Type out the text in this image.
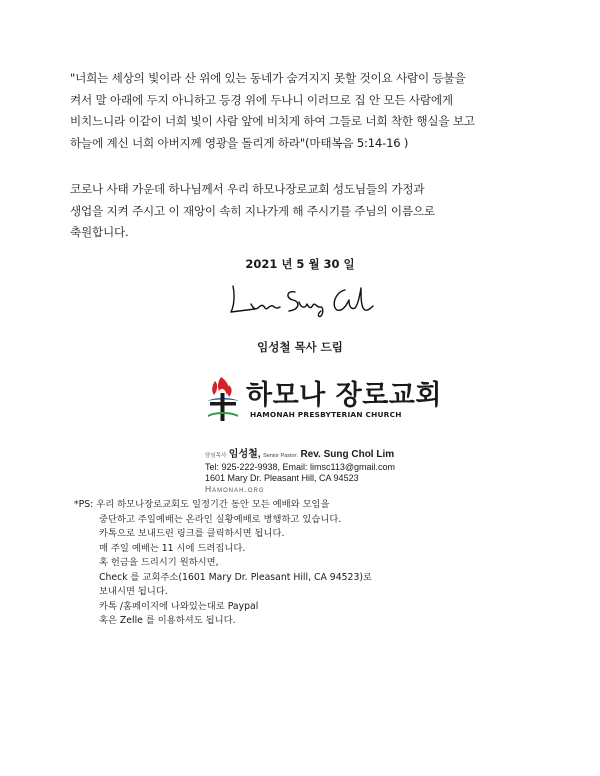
"너희는 세상의 빛이라 산 위에 있는 동네가 숨겨지지 못할 것이요 사람이 등불을
켜서 말 아래에 두지 아니하고 등경 위에 두나니 이러므로 집 안 모든 사람에게
비치느니라 이같이 너희 빛이 사람 앞에 비치게 하여 그들로 너희 착한 행실을 보고
하늘에 계신 너희 아버지께 영광을 돌리게 하라"(마태복음 5:14-16 )
코로나 사태 가운데 하나님께서 우리 하모나장로교회 성도님들의 가정과
생업을 지켜 주시고 이 재앙이 속히 지나가게 해 주시기를 주님의 이름으로
축원합니다.
2021 년 5 월 30 일
임성철 목사 드림
하모나 장로교회
HAMONAH PRESBYTERIAN CHURCH
담임목사 임성철, Senior Pastor: Rev. Sung Chol Lim
Tel: 925-222-9938, Email: limsc113@gmail.com
1601 Mary Dr. Pleasant Hill, CA 94523
Hamonah.org
*PS: 우리 하모나장로교회도 일정기간 동안 모든 예배와 모임을
중단하고 주일예배는 온라인 실황예배로 병행하고 있습니다.
카톡으로 보내드린 링크를 클릭하시면 됩니다.
매 주일 예배는 11 시에 드려집니다.
혹 헌금을 드리시기 원하시면,
Check 를 교회주소(1601 Mary Dr. Pleasant Hill, CA 94523)로
보내시면 됩니다.
카톡 /홈페이지에 나와있는대로 Paypal
혹은 Zelle 를 이용하셔도 됩니다.
